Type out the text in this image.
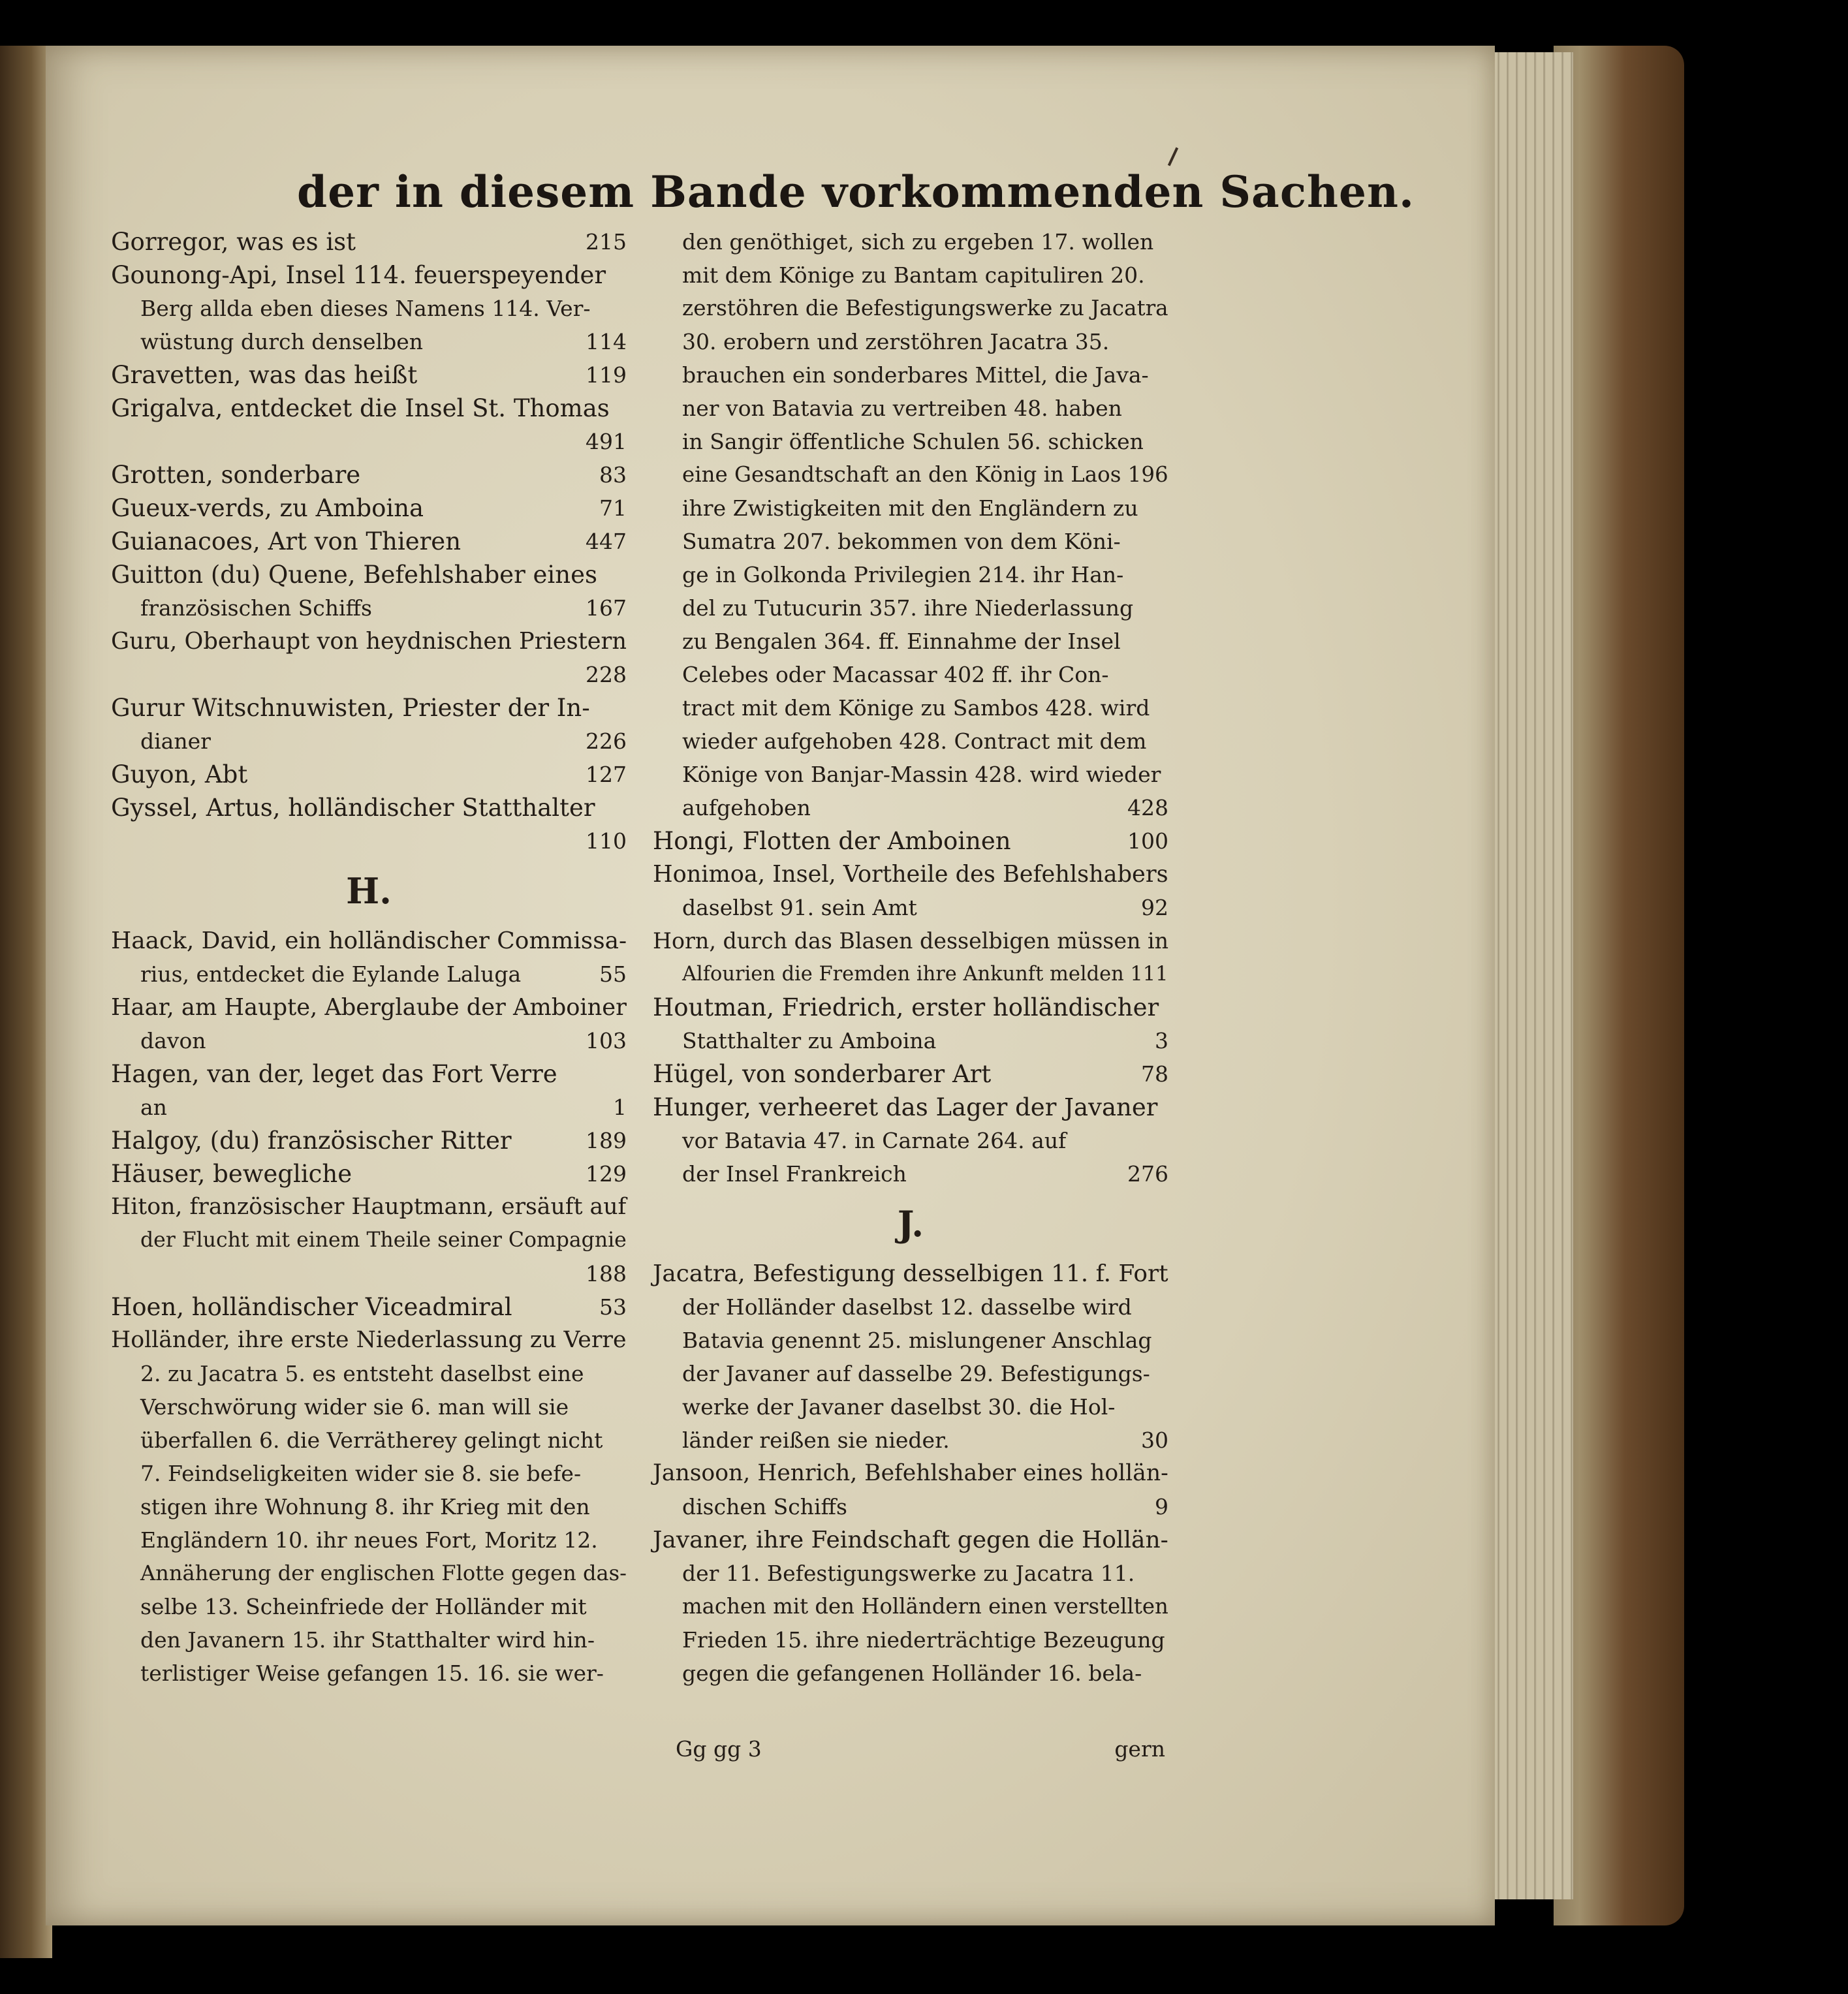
der in diesem Bande vorkommenden Sachen.
Gorregor, was es ist	215
Gounong-Api, Insel 114. feuerspeyender
Berg allda eben dieses Namens 114. Ver-
wüstung durch denselben	114
Gravetten, was das heißt	119
Grigalva, entdecket die Insel St. Thomas
491
Grotten, sonderbare	83
Gueux-verds, zu Amboina	71
Guianacoes, Art von Thieren	447
Guitton (du) Quene, Befehlshaber eines
französischen Schiffs	167
Guru, Oberhaupt von heydnischen Priestern
228
Gurur Witschnuwisten, Priester der In-
dianer	226
Guyon, Abt	127
Gyssel, Artus, holländischer Statthalter
110
H.
Haack, David, ein holländischer Commissa-
rius, entdecket die Eylande Laluga	55
Haar, am Haupte, Aberglaube der Amboiner
davon	103
Hagen, van der, leget das Fort Verre
an	1
Halgoy, (du) französischer Ritter	189
Häuser, bewegliche	129
Hiton, französischer Hauptmann, ersäuft auf
der Flucht mit einem Theile seiner Compagnie
188
Hoen, holländischer Viceadmiral	53
Holländer, ihre erste Niederlassung zu Verre
2. zu Jacatra 5. es entsteht daselbst eine
Verschwörung wider sie 6. man will sie
überfallen 6. die Verrätherey gelingt nicht
7. Feindseligkeiten wider sie 8. sie befe-
stigen ihre Wohnung 8. ihr Krieg mit den
Engländern 10. ihr neues Fort, Moritz 12.
Annäherung der englischen Flotte gegen das-
selbe 13. Scheinfriede der Holländer mit
den Javanern 15. ihr Statthalter wird hin-
terlistiger Weise gefangen 15. 16. sie wer-
den genöthiget, sich zu ergeben 17. wollen
mit dem Könige zu Bantam capituliren 20.
zerstöhren die Befestigungswerke zu Jacatra
30. erobern und zerstöhren Jacatra 35.
brauchen ein sonderbares Mittel, die Java-
ner von Batavia zu vertreiben 48. haben
in Sangir öffentliche Schulen 56. schicken
eine Gesandtschaft an den König in Laos 196
ihre Zwistigkeiten mit den Engländern zu
Sumatra 207. bekommen von dem Köni-
ge in Golkonda Privilegien 214. ihr Han-
del zu Tutucurin 357. ihre Niederlassung
zu Bengalen 364. ff. Einnahme der Insel
Celebes oder Macassar 402 ff. ihr Con-
tract mit dem Könige zu Sambos 428. wird
wieder aufgehoben 428. Contract mit dem
Könige von Banjar-Massin 428. wird wieder
aufgehoben	428
Hongi, Flotten der Amboinen	100
Honimoa, Insel, Vortheile des Befehlshabers
daselbst 91. sein Amt	92
Horn, durch das Blasen desselbigen müssen in
Alfourien die Fremden ihre Ankunft melden 111
Houtman, Friedrich, erster holländischer
Statthalter zu Amboina	3
Hügel, von sonderbarer Art	78
Hunger, verheeret das Lager der Javaner
vor Batavia 47. in Carnate 264. auf
der Insel Frankreich	276
J.
Jacatra, Befestigung desselbigen 11. f. Fort
der Holländer daselbst 12. dasselbe wird
Batavia genennt 25. mislungener Anschlag
der Javaner auf dasselbe 29. Befestigungs-
werke der Javaner daselbst 30. die Hol-
länder reißen sie nieder.	30
Jansoon, Henrich, Befehlshaber eines hollän-
dischen Schiffs	9
Javaner, ihre Feindschaft gegen die Hollän-
der 11. Befestigungswerke zu Jacatra 11.
machen mit den Holländern einen verstellten
Frieden 15. ihre niederträchtige Bezeugung
gegen die gefangenen Holländer 16. bela-
Gg gg 3	gern
